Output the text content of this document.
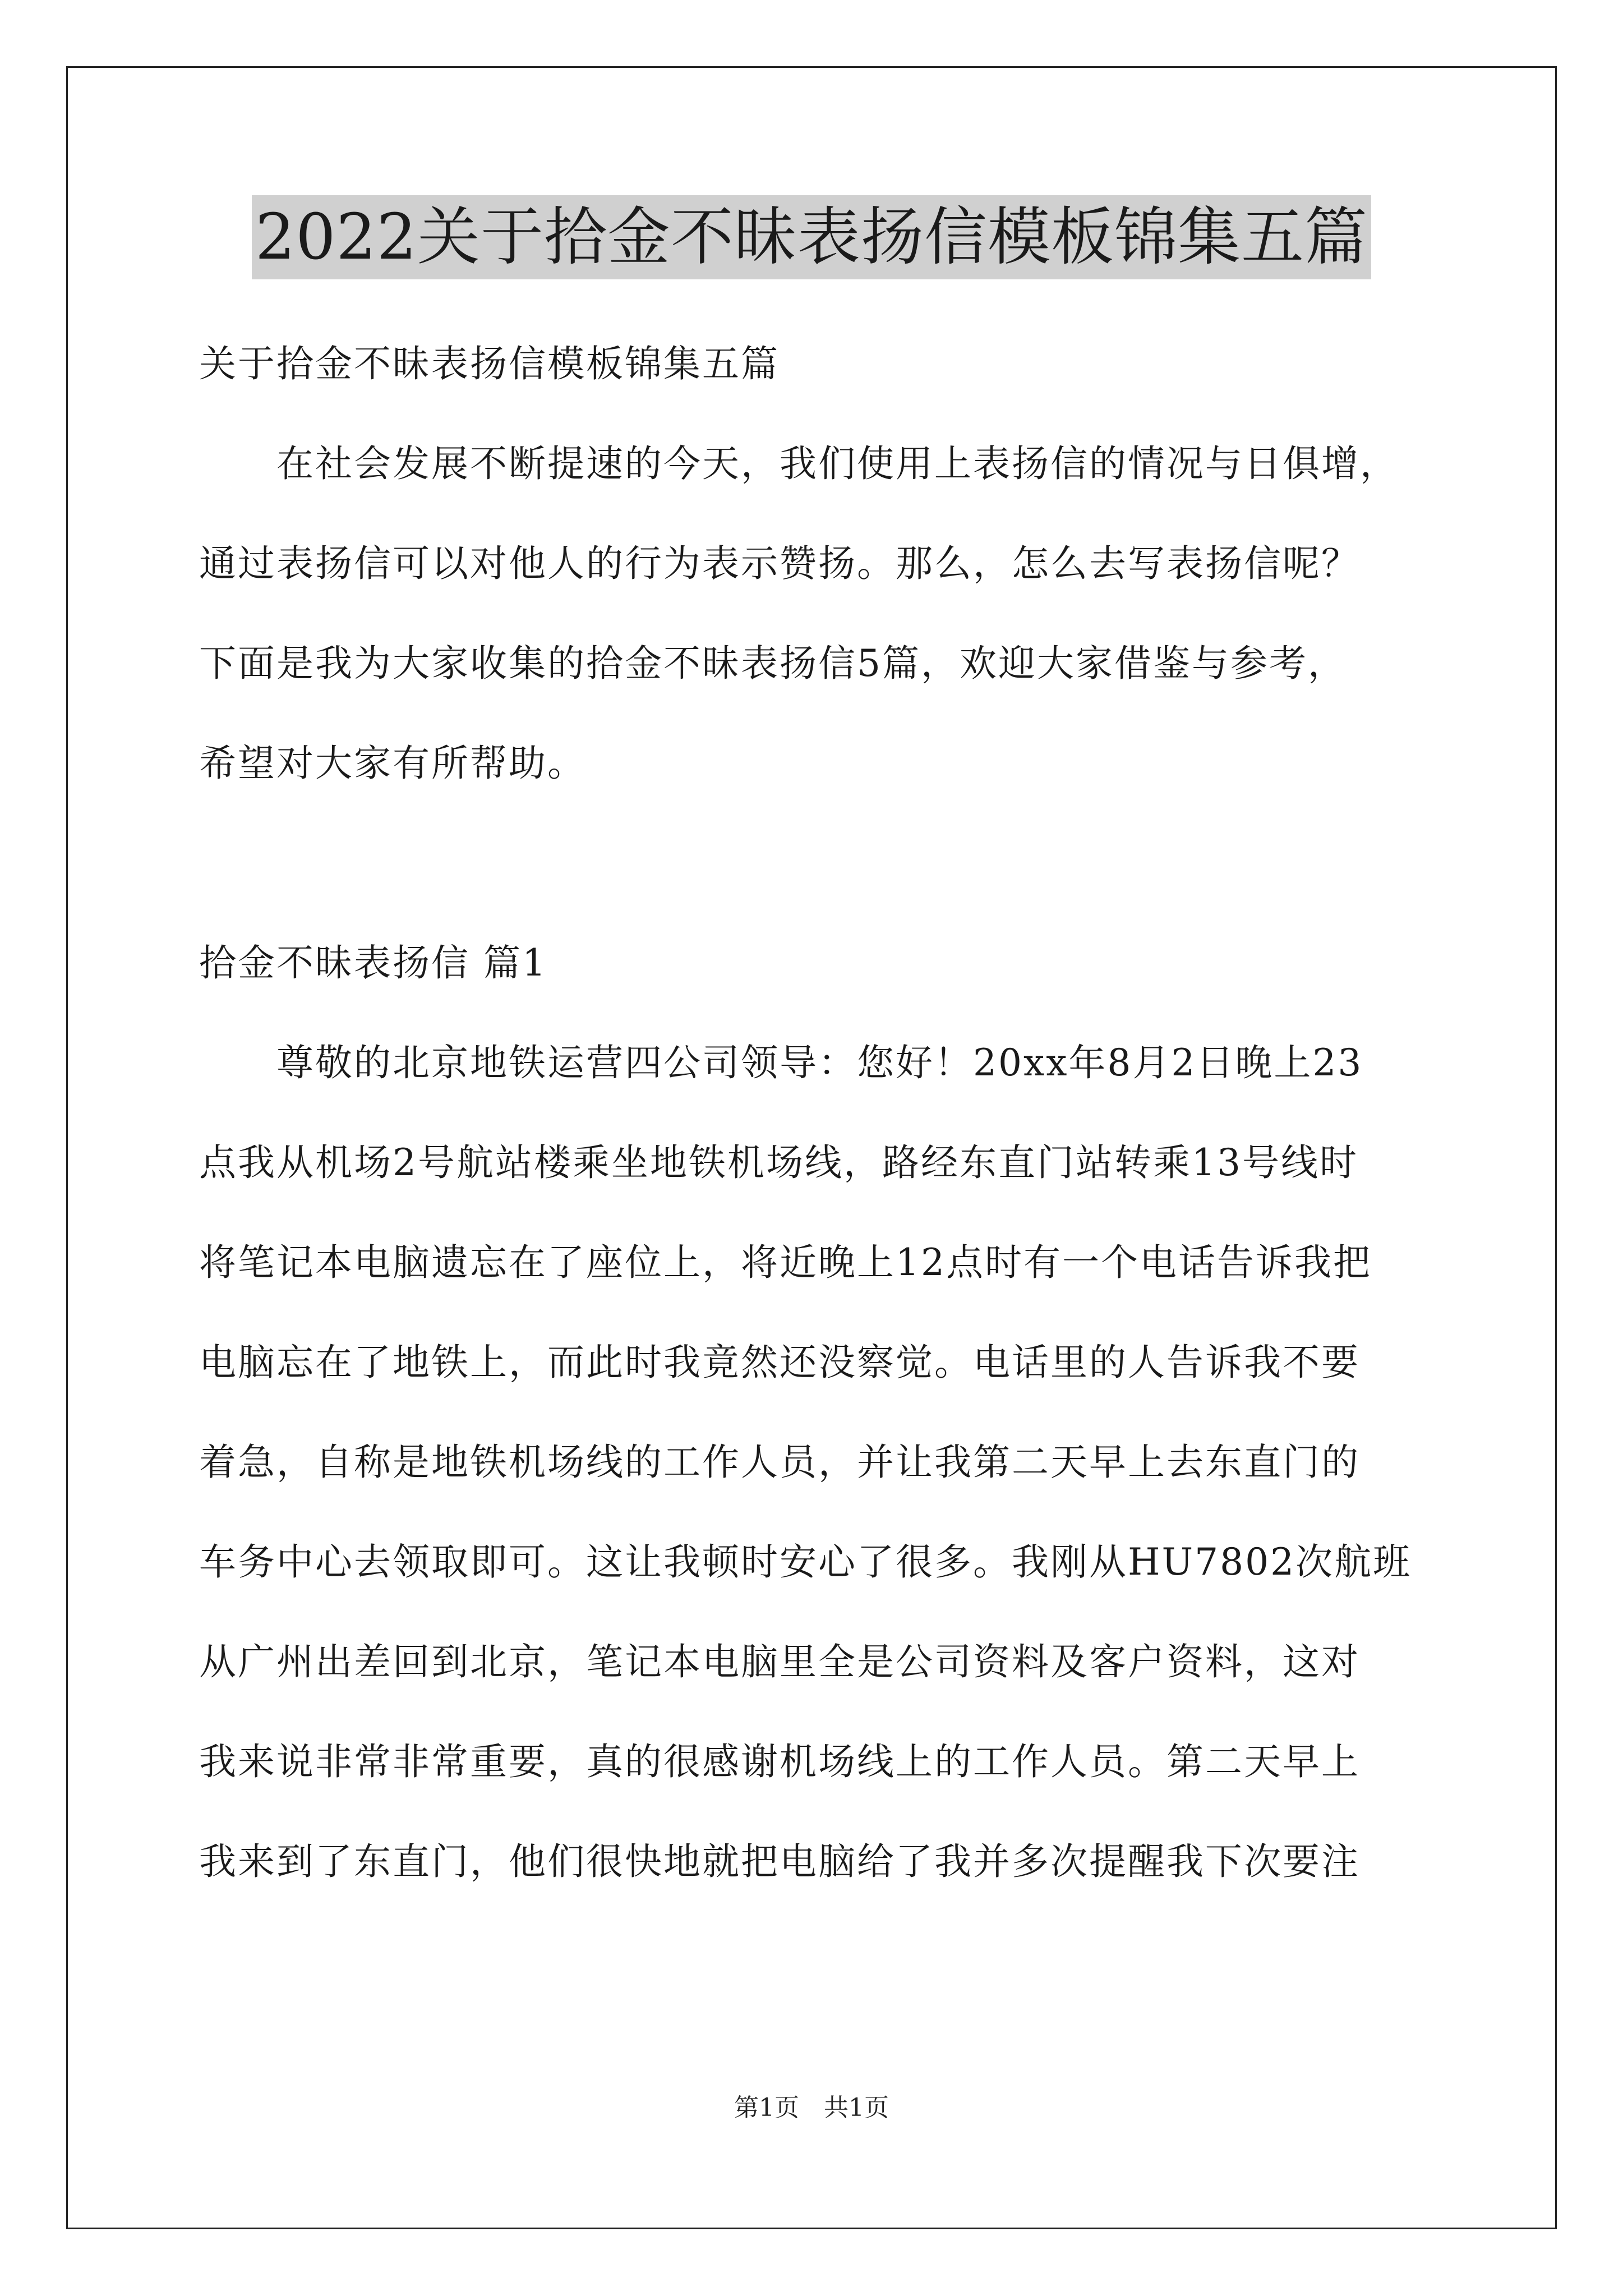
2022关于拾金不昧表扬信模板锦集五篇
关于拾金不昧表扬信模板锦集五篇
　　在社会发展不断提速的今天，我们使用上表扬信的情况与日俱增，
通过表扬信可以对他人的行为表示赞扬。那么，怎么去写表扬信呢？
下面是我为大家收集的拾金不昧表扬信5篇，欢迎大家借鉴与参考，
希望对大家有所帮助。
拾金不昧表扬信 篇1
　　尊敬的北京地铁运营四公司领导：您好！20xx年8月2日晚上23
点我从机场2号航站楼乘坐地铁机场线，路经东直门站转乘13号线时
将笔记本电脑遗忘在了座位上，将近晚上12点时有一个电话告诉我把
电脑忘在了地铁上，而此时我竟然还没察觉。电话里的人告诉我不要
着急，自称是地铁机场线的工作人员，并让我第二天早上去东直门的
车务中心去领取即可。这让我顿时安心了很多。我刚从HU7802次航班
从广州出差回到北京，笔记本电脑里全是公司资料及客户资料，这对
我来说非常非常重要，真的很感谢机场线上的工作人员。第二天早上
我来到了东直门，他们很快地就把电脑给了我并多次提醒我下次要注
第1页　共1页
